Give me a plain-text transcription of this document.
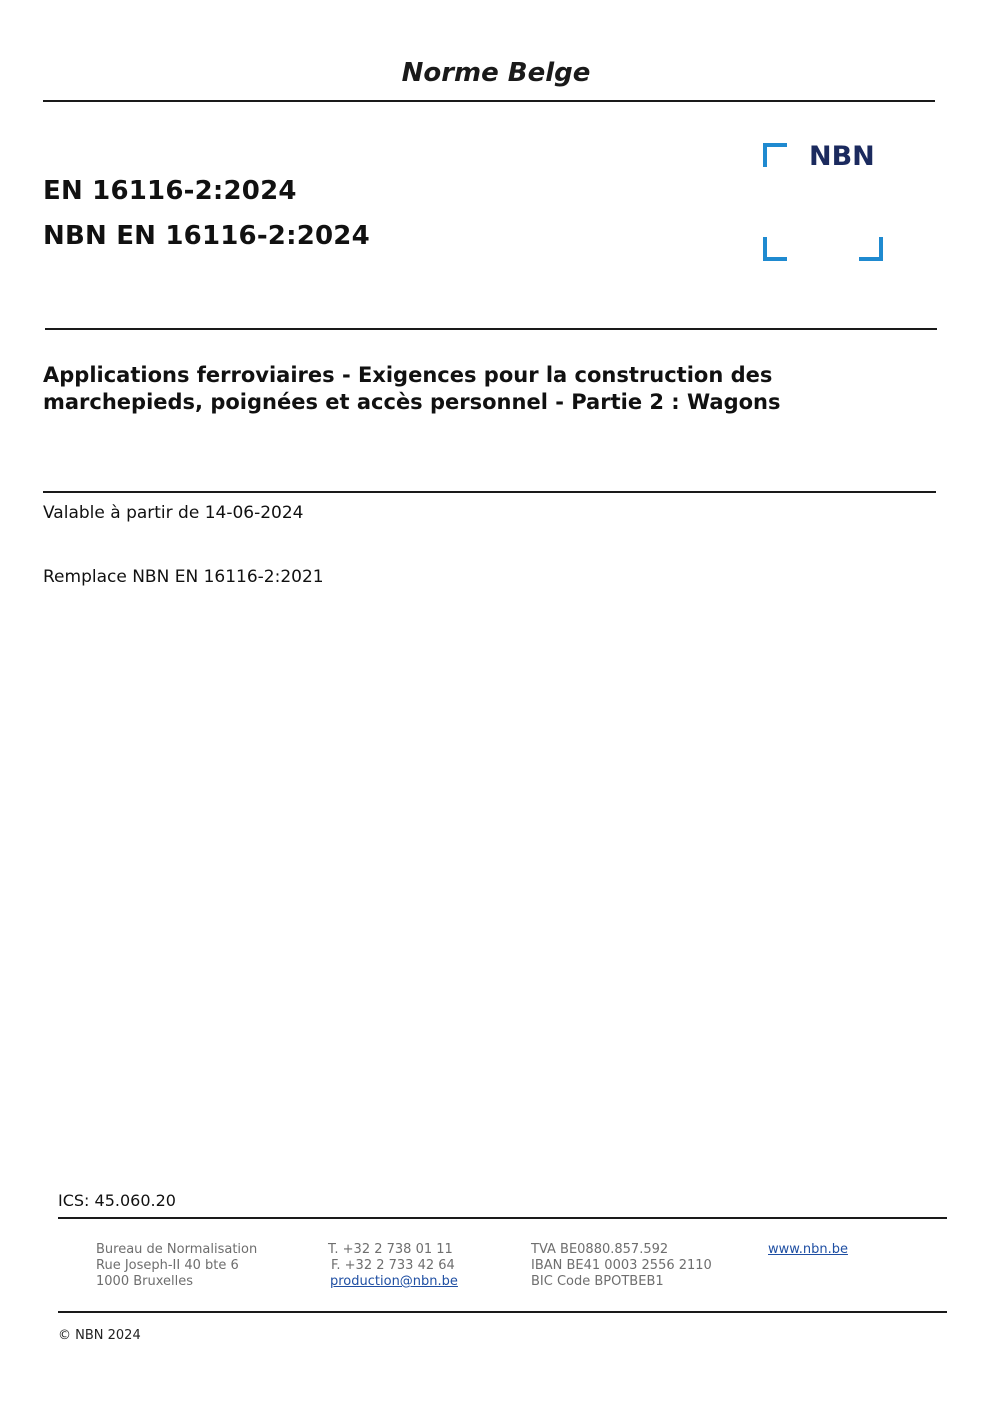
Norme Belge
EN 16116-2:2024
NBN EN 16116-2:2024
NBN
Applications ferroviaires - Exigences pour la construction des
marchepieds, poignées et accès personnel - Partie 2 : Wagons
Valable à partir de 14-06-2024
Remplace NBN EN 16116-2:2021
ICS: 45.060.20
Bureau de Normalisation
Rue Joseph-II 40 bte 6
1000 Bruxelles
T. +32 2 738 01 11
F. +32 2 733 42 64
production@nbn.be
TVA BE0880.857.592
IBAN BE41 0003 2556 2110
BIC Code BPOTBEB1
www.nbn.be
© NBN 2024
